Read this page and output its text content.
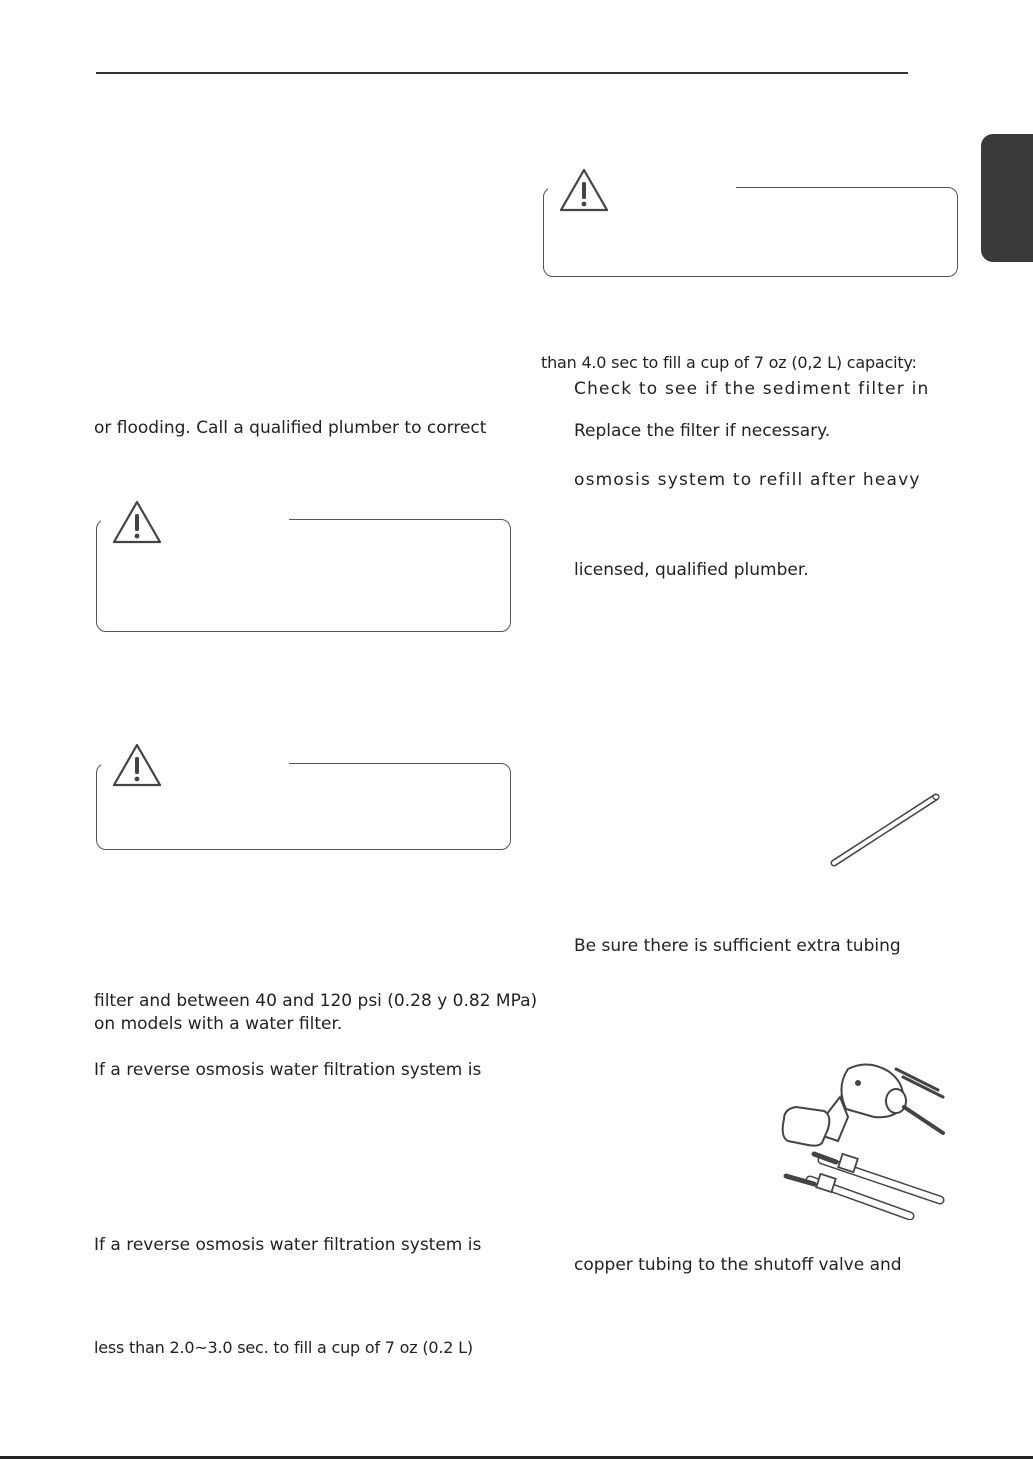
or flooding. Call a qualified plumber to correct
filter and between 40 and 120 psi (0.28 y 0.82 MPa)
on models with a water filter.
If a reverse osmosis water filtration system is
If a reverse osmosis water filtration system is
less than 2.0~3.0 sec. to fill a cup of 7 oz (0.2 L)
than 4.0 sec to fill a cup of 7 oz (0,2 L) capacity:
Check to see if the sediment filter in
Replace the filter if necessary.
osmosis system to refill after heavy
licensed, qualified plumber.
Be sure there is sufficient extra tubing
copper tubing to the shutoff valve and
